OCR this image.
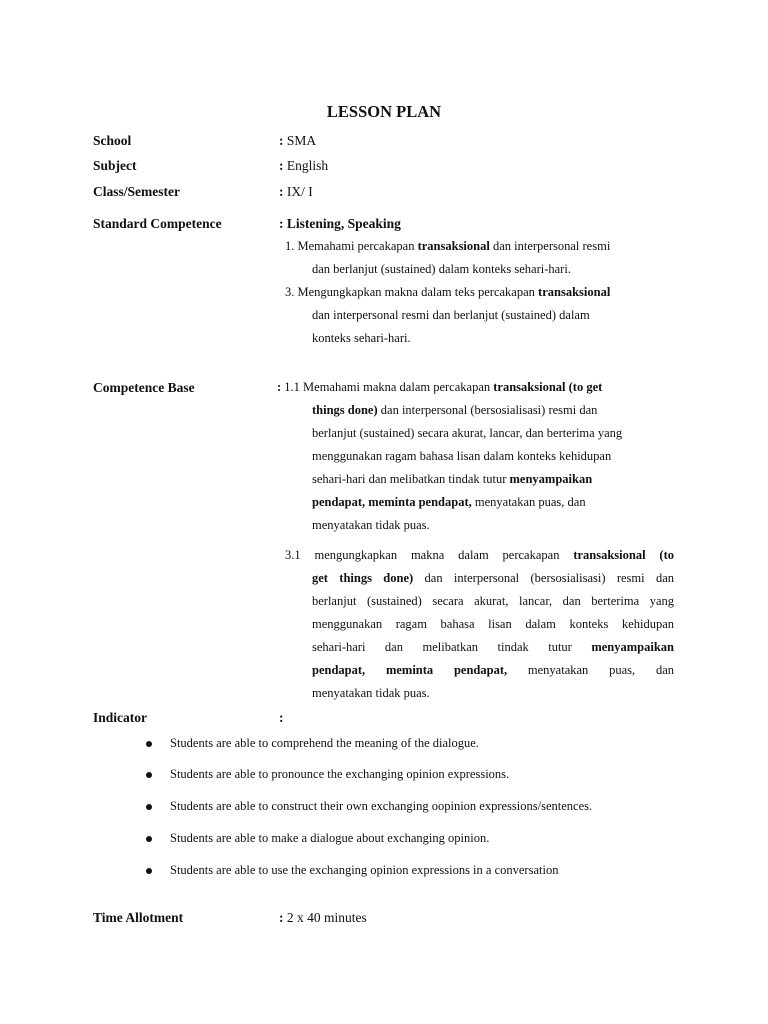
LESSON PLAN
School	: SMA
Subject	: English
Class/Semester	: IX/ I
Standard Competence	: Listening, Speaking
1. Memahami percakapan transaksional dan interpersonal resmi
dan berlanjut (sustained) dalam konteks sehari-hari.
3. Mengungkapkan makna dalam teks percakapan transaksional
dan interpersonal resmi dan berlanjut (sustained) dalam
konteks sehari-hari.
Competence Base	: 1.1 Memahami makna dalam percakapan transaksional (to get
things done) dan interpersonal (bersosialisasi) resmi dan
berlanjut (sustained) secara akurat, lancar, dan berterima yang
menggunakan ragam bahasa lisan dalam konteks kehidupan
sehari-hari dan melibatkan tindak tutur menyampaikan
pendapat, meminta pendapat, menyatakan puas, dan
menyatakan tidak puas.
3.1 mengungkapkan makna dalam percakapan transaksional (to
get things done) dan interpersonal (bersosialisasi) resmi dan
berlanjut (sustained) secara akurat, lancar, dan berterima yang
menggunakan ragam bahasa lisan dalam konteks kehidupan
sehari-hari dan melibatkan tindak tutur menyampaikan
pendapat, meminta pendapat, menyatakan puas, dan
menyatakan tidak puas.
Indicator	:
Students are able to comprehend the meaning of the dialogue.
Students are able to pronounce the exchanging opinion expressions.
Students are able to construct their own exchanging oopinion expressions/sentences.
Students are able to make a dialogue about exchanging opinion.
Students are able to use the exchanging opinion expressions in a conversation
Time Allotment	: 2 x 40 minutes
